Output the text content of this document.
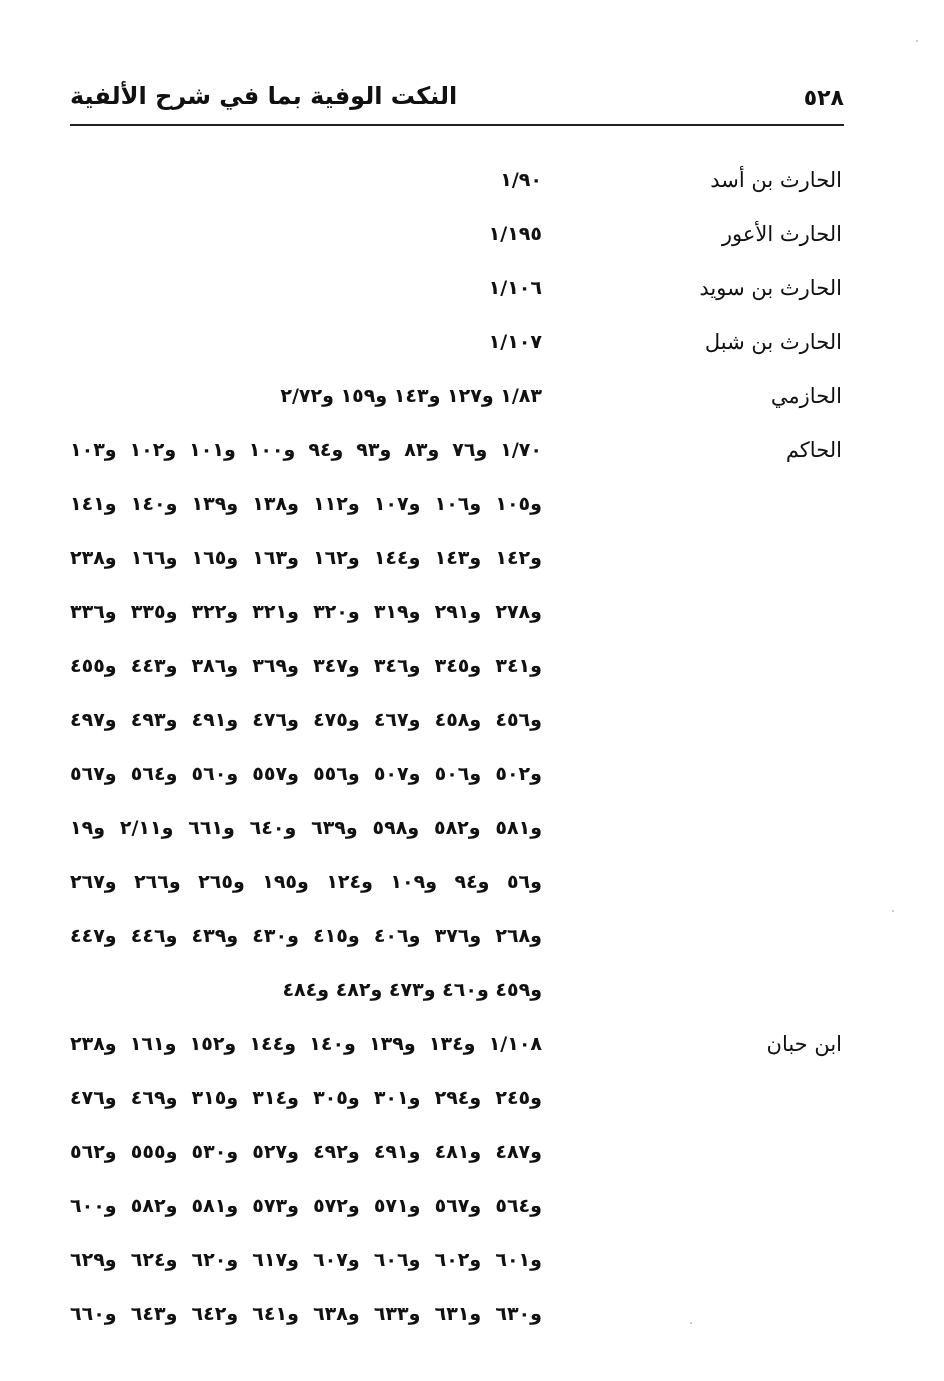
٥٢٨
النكت الوفية بما في شرح الألفية
الحارث بن أسد
١/٩٠
الحارث الأعور
١/١٩٥
الحارث بن سويد
١/١٠٦
الحارث بن شبل
١/١٠٧
الحازمي
١/٨٣ و١٢٧ و١٤٣ و١٥٩ و٢/٧٢
الحاكم
١/٧٠ و٧٦ و٨٣ و٩٣ و٩٤ و١٠٠ و١٠١ و١٠٢ و١٠٣
و١٠٥ و١٠٦ و١٠٧ و١١٢ و١٣٨ و١٣٩ و١٤٠ و١٤١
و١٤٢ و١٤٣ و١٤٤ و١٦٢ و١٦٣ و١٦٥ و١٦٦ و٢٣٨
و٢٧٨ و٢٩١ و٣١٩ و٣٢٠ و٣٢١ و٣٢٢ و٣٣٥ و٣٣٦
و٣٤١ و٣٤٥ و٣٤٦ و٣٤٧ و٣٦٩ و٣٨٦ و٤٤٣ و٤٥٥
و٤٥٦ و٤٥٨ و٤٦٧ و٤٧٥ و٤٧٦ و٤٩١ و٤٩٣ و٤٩٧
و٥٠٢ و٥٠٦ و٥٠٧ و٥٥٦ و٥٥٧ و٥٦٠ و٥٦٤ و٥٦٧
و٥٨١ و٥٨٢ و٥٩٨ و٦٣٩ و٦٤٠ و٦٦١ و٢/١١ و١٩
و٥٦ و٩٤ و١٠٩ و١٢٤ و١٩٥ و٢٦٥ و٢٦٦ و٢٦٧
و٢٦٨ و٣٧٦ و٤٠٦ و٤١٥ و٤٣٠ و٤٣٩ و٤٤٦ و٤٤٧
و٤٥٩ و٤٦٠ و٤٧٣ و٤٨٢ و٤٨٤
ابن حبان
١/١٠٨ و١٣٤ و١٣٩ و١٤٠ و١٤٤ و١٥٢ و١٦١ و٢٣٨
و٢٤٥ و٢٩٤ و٣٠١ و٣٠٥ و٣١٤ و٣١٥ و٤٦٩ و٤٧٦
و٤٨٧ و٤٨١ و٤٩١ و٤٩٢ و٥٢٧ و٥٣٠ و٥٥٥ و٥٦٢
و٥٦٤ و٥٦٧ و٥٧١ و٥٧٢ و٥٧٣ و٥٨١ و٥٨٢ و٦٠٠
و٦٠١ و٦٠٢ و٦٠٦ و٦٠٧ و٦١٧ و٦٢٠ و٦٢٤ و٦٢٩
و٦٣٠ و٦٣١ و٦٣٣ و٦٣٨ و٦٤١ و٦٤٢ و٦٤٣ و٦٦٠
